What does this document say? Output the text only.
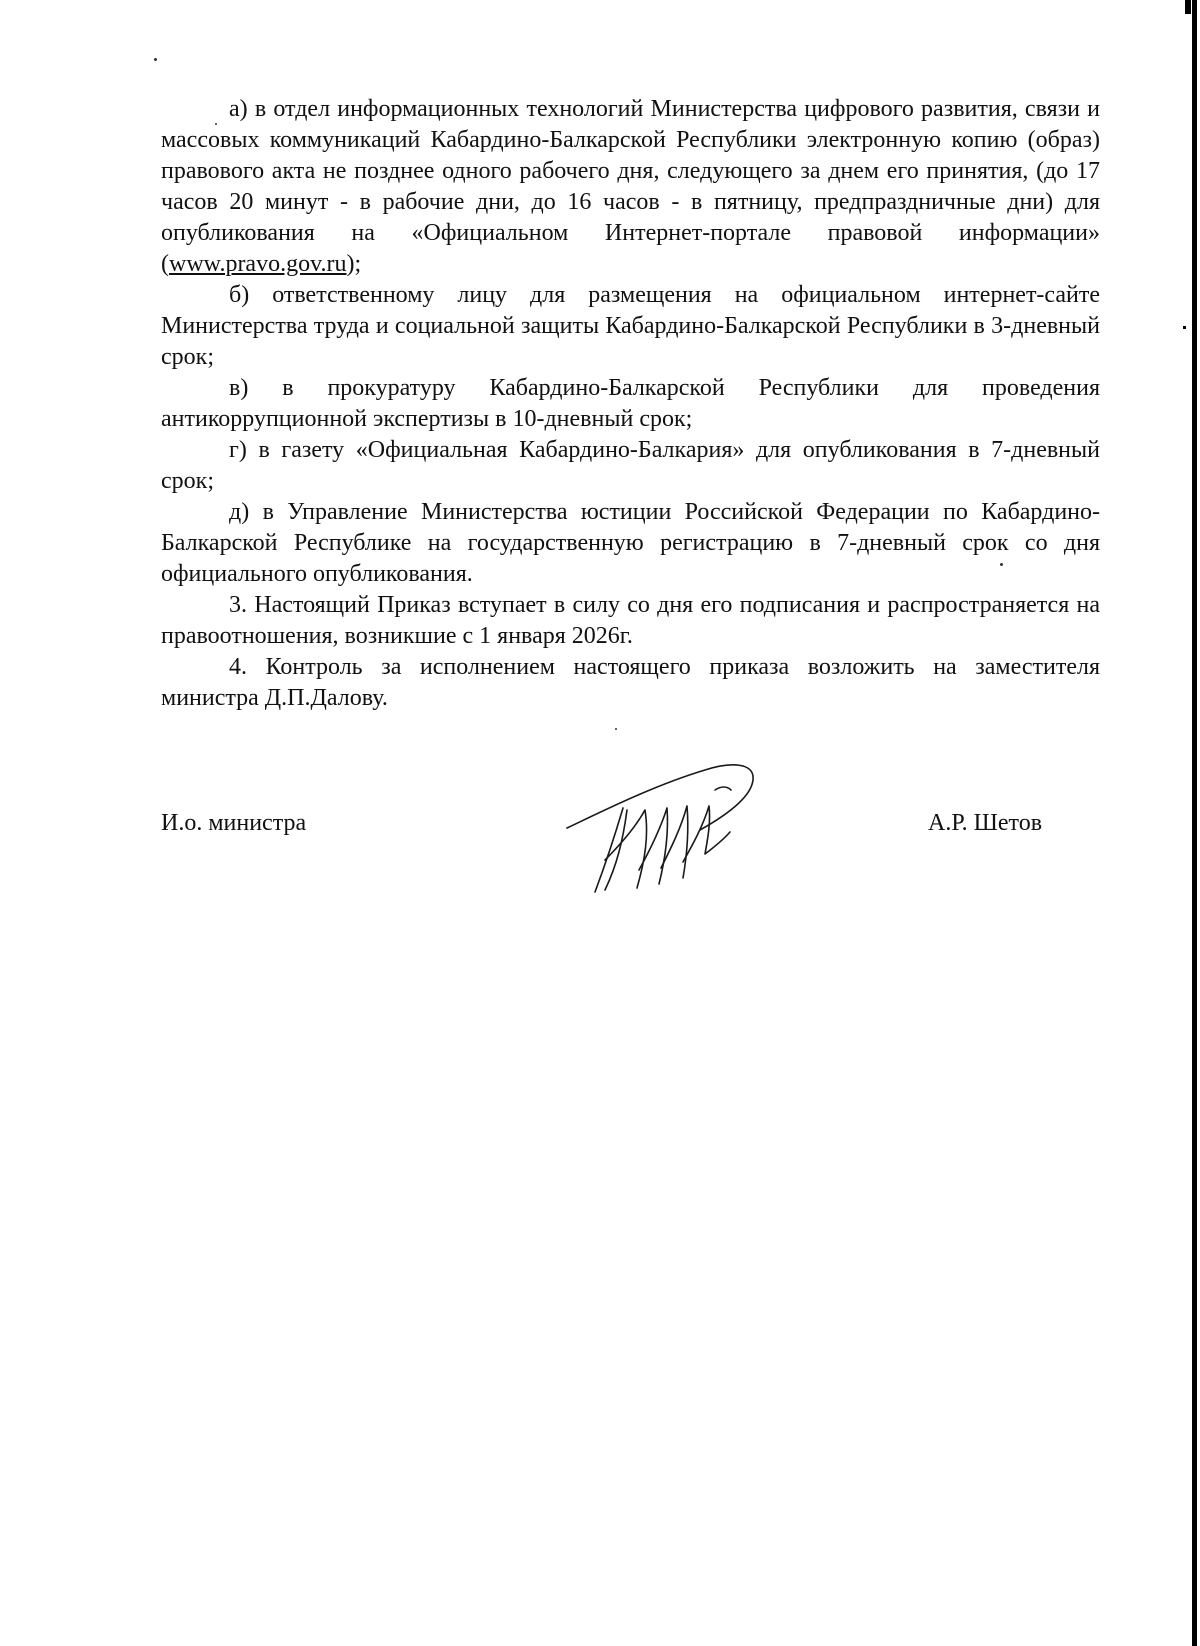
а) в отдел информационных технологий Министерства цифрового развития, связи и массовых коммуникаций Кабардино-Балкарской Республики электронную копию (образ) правового акта не позднее одного рабочего дня, следующего за днем его принятия, (до 17 часов 20 минут - в рабочие дни, до 16 часов - в пятницу, предпраздничные дни) для опубликования на «Официальном Интернет-портале правовой информации» (www.pravo.gov.ru);

б) ответственному лицу для размещения на официальном интернет-сайте Министерства труда и социальной защиты Кабардино-Балкарской Республики в 3-дневный срок;

в) в прокуратуру Кабардино-Балкарской Республики для проведения антикоррупционной экспертизы в 10-дневный срок;

г) в газету «Официальная Кабардино-Балкария» для опубликования в 7-дневный срок;

д) в Управление Министерства юстиции Российской Федерации по Кабардино-Балкарской Республике на государственную регистрацию в 7-дневный срок со дня официального опубликования.

3. Настоящий Приказ вступает в силу со дня его подписания и распространяется на правоотношения, возникшие с 1 января 2026г.

4. Контроль за исполнением настоящего приказа возложить на заместителя министра Д.П.Далову.

И.о. министра	А.Р. Шетов
